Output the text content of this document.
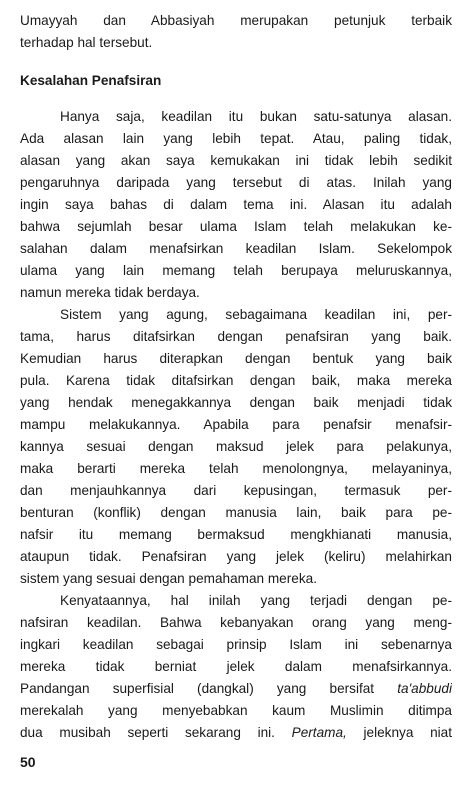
Umayyah dan Abbasiyah merupakan petunjuk terbaik
terhadap hal tersebut.
Kesalahan Penafsiran
Hanya saja, keadilan itu bukan satu-satunya alasan.
Ada alasan lain yang lebih tepat. Atau, paling tidak,
alasan yang akan saya kemukakan ini tidak lebih sedikit
pengaruhnya daripada yang tersebut di atas. Inilah yang
ingin saya bahas di dalam tema ini. Alasan itu adalah
bahwa sejumlah besar ulama Islam telah melakukan ke-
salahan dalam menafsirkan keadilan Islam. Sekelompok
ulama yang lain memang telah berupaya meluruskannya,
namun mereka tidak berdaya.
Sistem yang agung, sebagaimana keadilan ini, per-
tama, harus ditafsirkan dengan penafsiran yang baik.
Kemudian harus diterapkan dengan bentuk yang baik
pula. Karena tidak ditafsirkan dengan baik, maka mereka
yang hendak menegakkannya dengan baik menjadi tidak
mampu melakukannya. Apabila para penafsir menafsir-
kannya sesuai dengan maksud jelek para pelakunya,
maka berarti mereka telah menolongnya, melayaninya,
dan menjauhkannya dari kepusingan, termasuk per-
benturan (konflik) dengan manusia lain, baik para pe-
nafsir itu memang bermaksud mengkhianati manusia,
ataupun tidak. Penafsiran yang jelek (keliru) melahirkan
sistem yang sesuai dengan pemahaman mereka.
Kenyataannya, hal inilah yang terjadi dengan pe-
nafsiran keadilan. Bahwa kebanyakan orang yang meng-
ingkari keadilan sebagai prinsip Islam ini sebenarnya
mereka tidak berniat jelek dalam menafsirkannya.
Pandangan superfisial (dangkal) yang bersifat ta'abbudi
merekalah yang menyebabkan kaum Muslimin ditimpa
dua musibah seperti sekarang ini. Pertama, jeleknya niat
50
